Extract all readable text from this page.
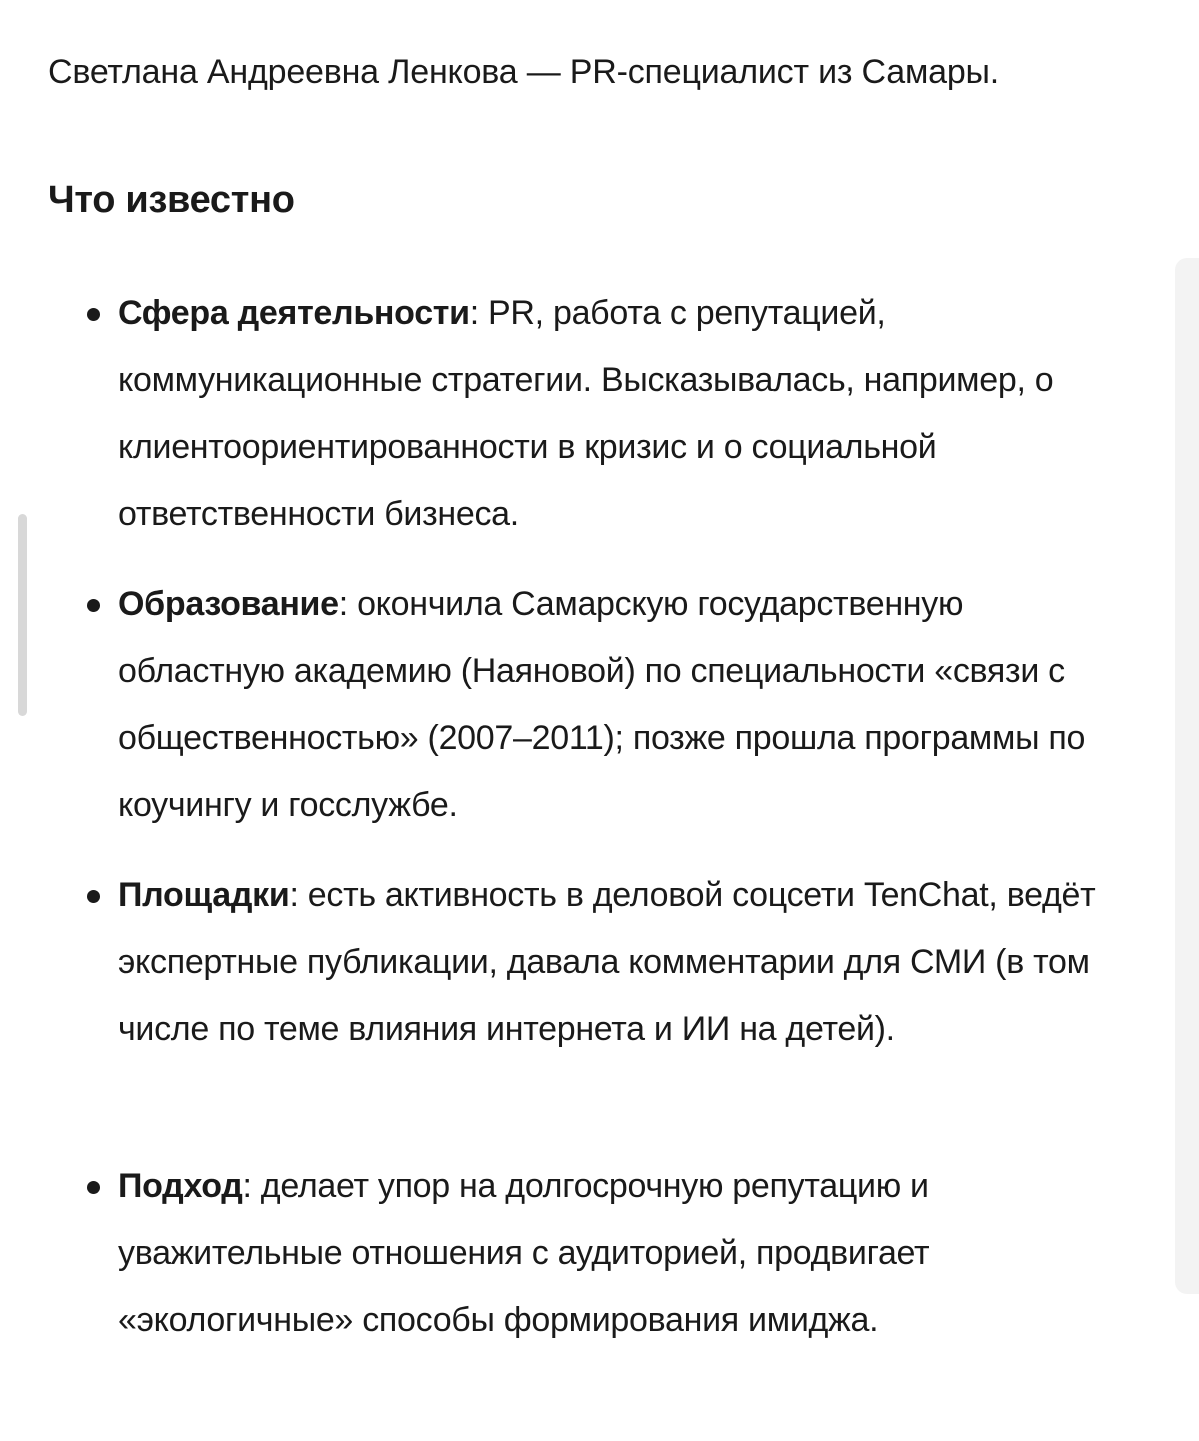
Светлана Андреевна Ленкова — PR-специалист из Самары.

Что известно
Сфера деятельности: PR, работа с репутацией, коммуникационные стратегии. Высказывалась, например, о клиентоориентированности в кризис и о социальной ответственности бизнеса.
Образование: окончила Самарскую государственную областную академию (Наяновой) по специальности «связи с общественностью» (2007–2011); позже прошла программы по коучингу и госслужбе.
Площадки: есть активность в деловой соцсети TenChat, ведёт экспертные публикации, давала комментарии для СМИ (в том числе по теме влияния интернета и ИИ на детей).
Подход: делает упор на долгосрочную репутацию и уважительные отношения с аудиторией, продвигает «экологичные» способы формирования имиджа.
